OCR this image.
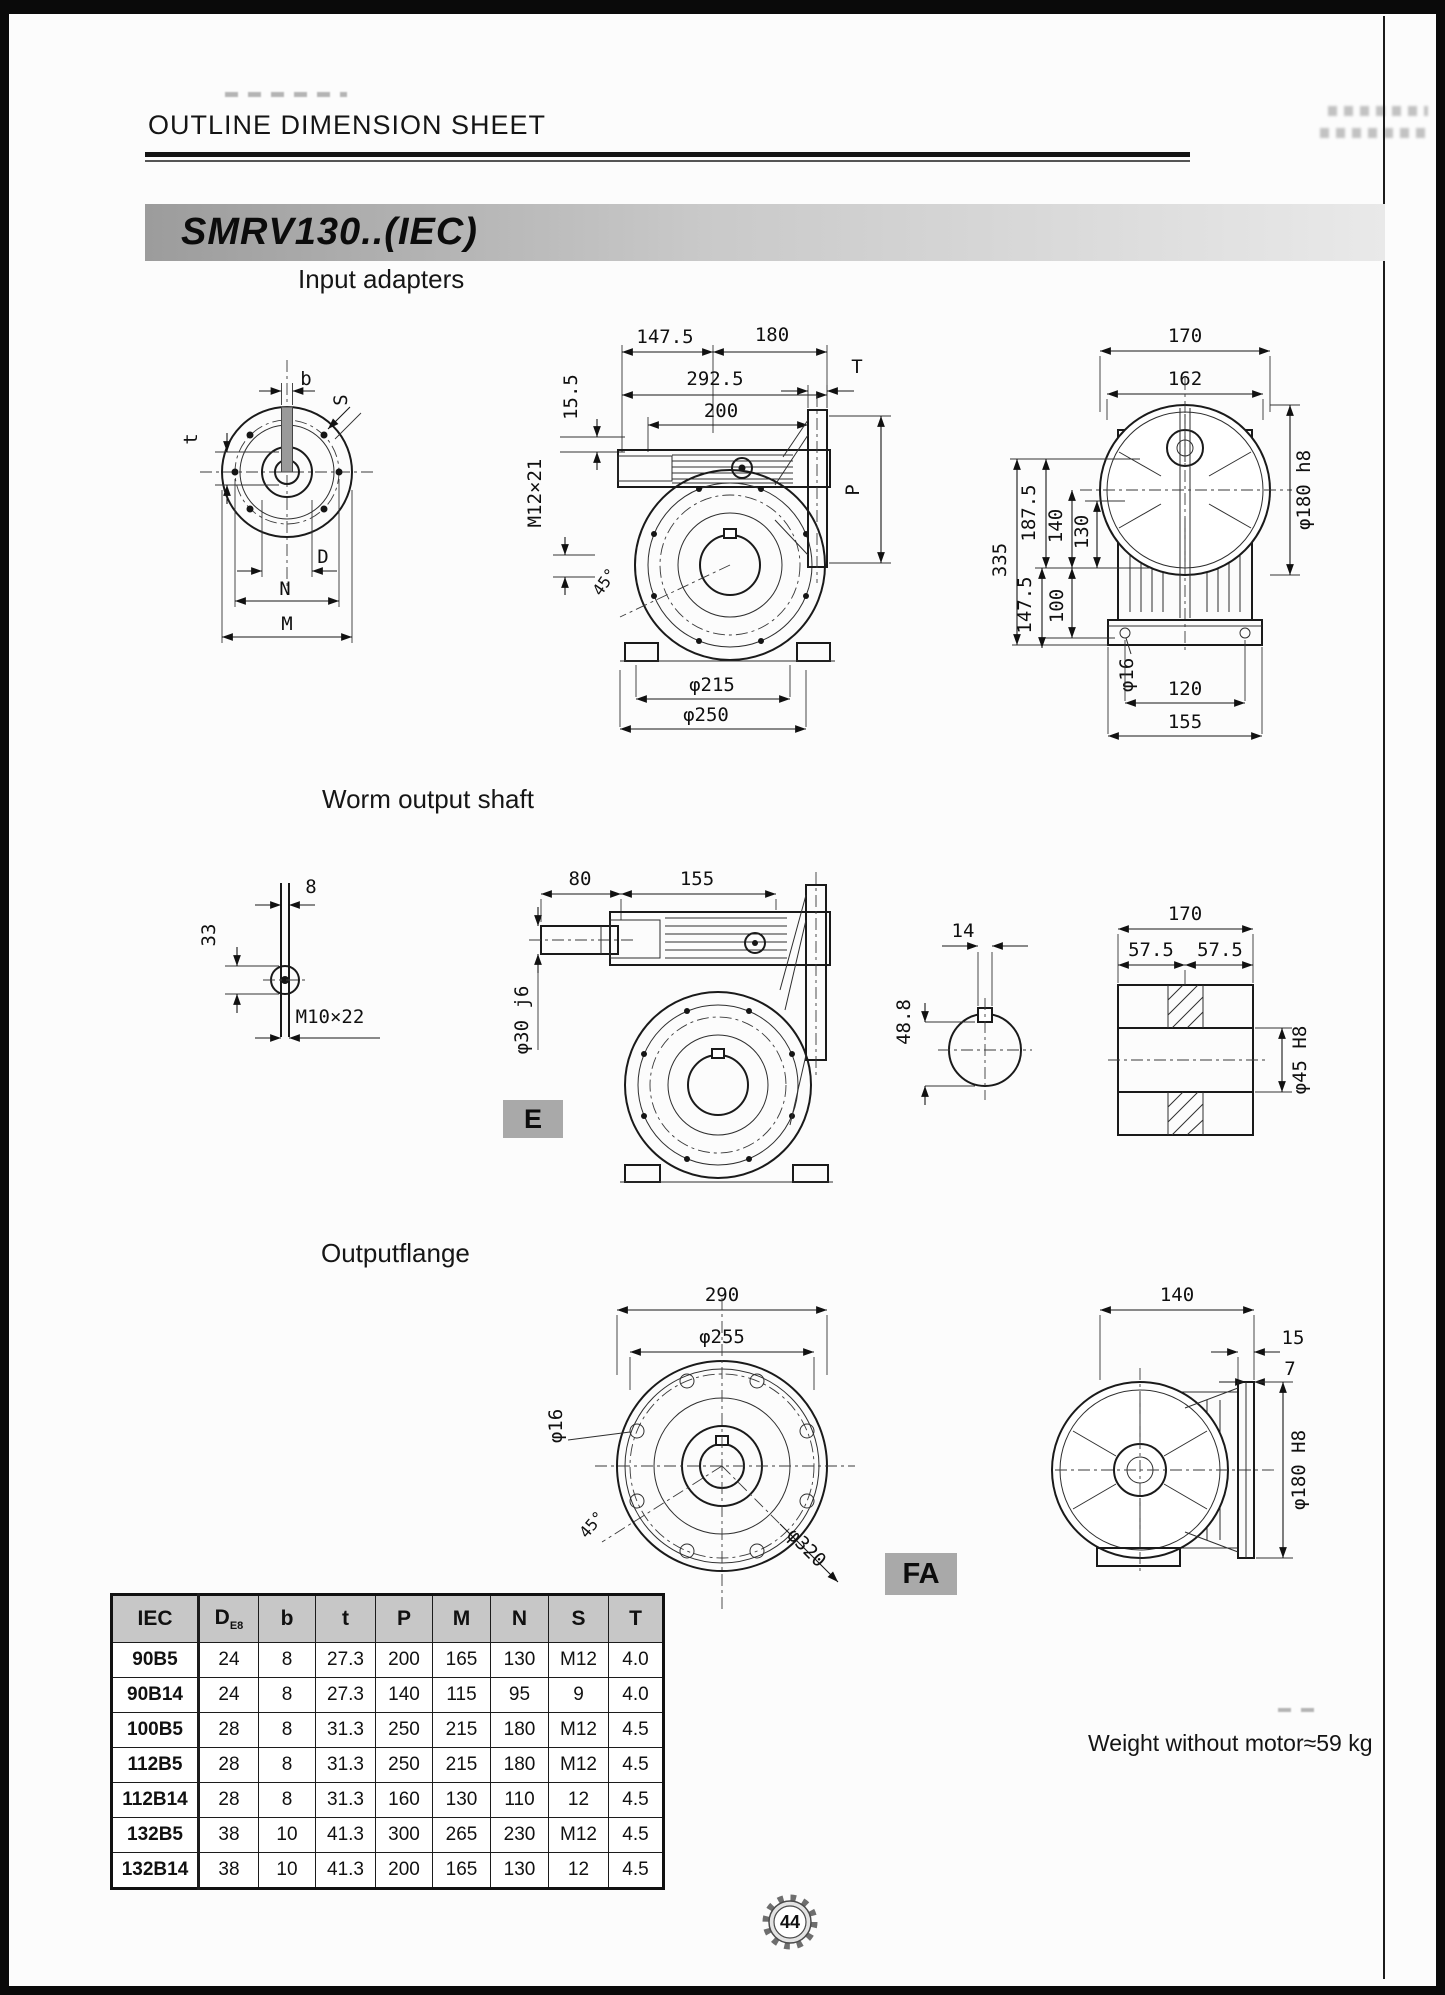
OUTLINE DIMENSION SHEET
SMRV130..(IEC)
Input adapters
Worm output shaft
Outputflange
b
S
t
D
N
M
147.5	180
292.5
200
15.5
M12×21
45°
φ215
φ250
T
P
170
162
335
187.5 140 130
147.5 100
φ180 h8
φ16 120
155
8
33
M10×22
80	155
φ30 j6
E
14
48.8
170
57.5 57.5
φ45 H8
290
φ255
φ16
45°	φ320
140
15
7
φ180 H8
FA
IEC	$D_{E8}$	b	t	P	M	N	S	T
90B5	24	8	27.3	200	165	130	M12	4.0
90B14	24	8	27.3	140	115	95	9	4.0
100B5	28	8	31.3	250	215	180	M12	4.5
112B5	28	8	31.3	250	215	180	M12	4.5
112B14	28	8	31.3	160	130	110	12	4.5
132B5	38	10	41.3	300	265	230	M12	4.5
132B14	38	10	41.3	200	165	130	12	4.5
Weight without motor≈59 kg
44
